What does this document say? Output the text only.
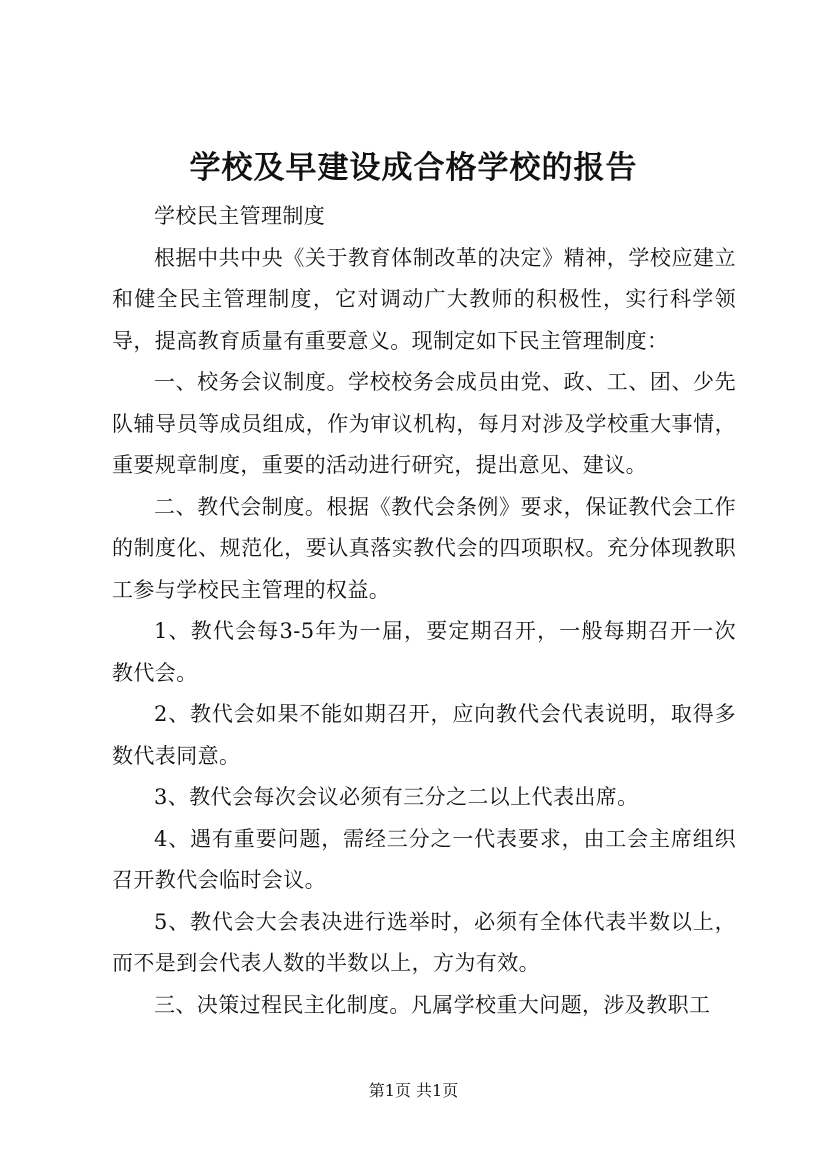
学校及早建设成合格学校的报告

学校民主管理制度

根据中共中央《关于教育体制改革的决定》精神，学校应建立和健全民主管理制度，它对调动广大教师的积极性，实行科学领导，提高教育质量有重要意义。现制定如下民主管理制度：

一、校务会议制度。学校校务会成员由党、政、工、团、少先队辅导员等成员组成，作为审议机构，每月对涉及学校重大事情，重要规章制度，重要的活动进行研究，提出意见、建议。

二、教代会制度。根据《教代会条例》要求，保证教代会工作的制度化、规范化，要认真落实教代会的四项职权。充分体现教职工参与学校民主管理的权益。

1、教代会每3-5年为一届，要定期召开，一般每期召开一次教代会。

2、教代会如果不能如期召开，应向教代会代表说明，取得多数代表同意。

3、教代会每次会议必须有三分之二以上代表出席。

4、遇有重要问题，需经三分之一代表要求，由工会主席组织召开教代会临时会议。

5、教代会大会表决进行选举时，必须有全体代表半数以上，而不是到会代表人数的半数以上，方为有效。

三、决策过程民主化制度。凡属学校重大问题，涉及教职工

第1页 共1页
